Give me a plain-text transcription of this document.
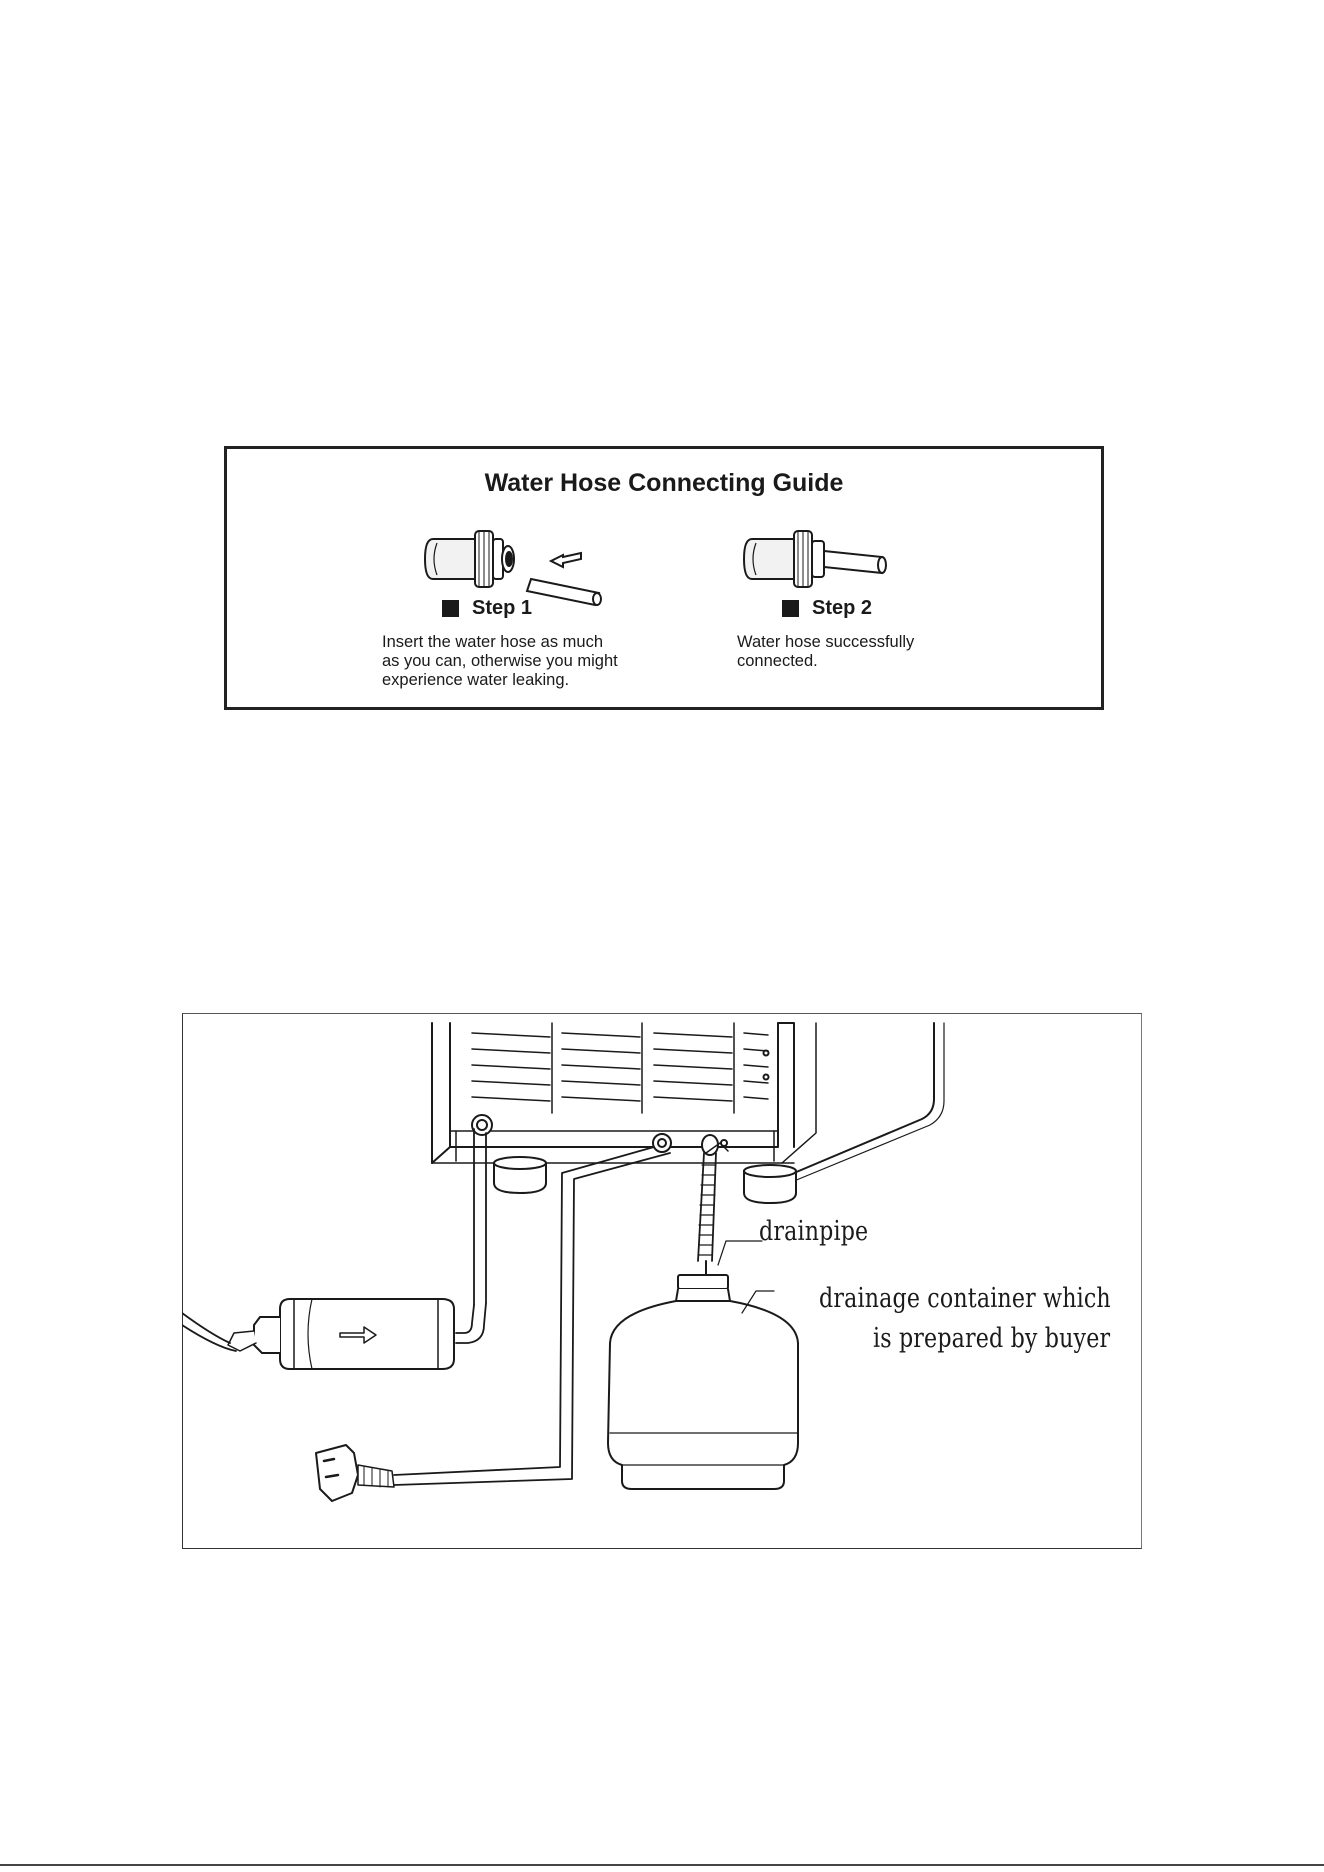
Water Hose Connecting Guide
Step 1
Insert the water hose as much
as you can, otherwise you might
experience water leaking.
Step 2
Water hose successfully
connected.
drainpipe
drainage container which
is prepared by buyer
